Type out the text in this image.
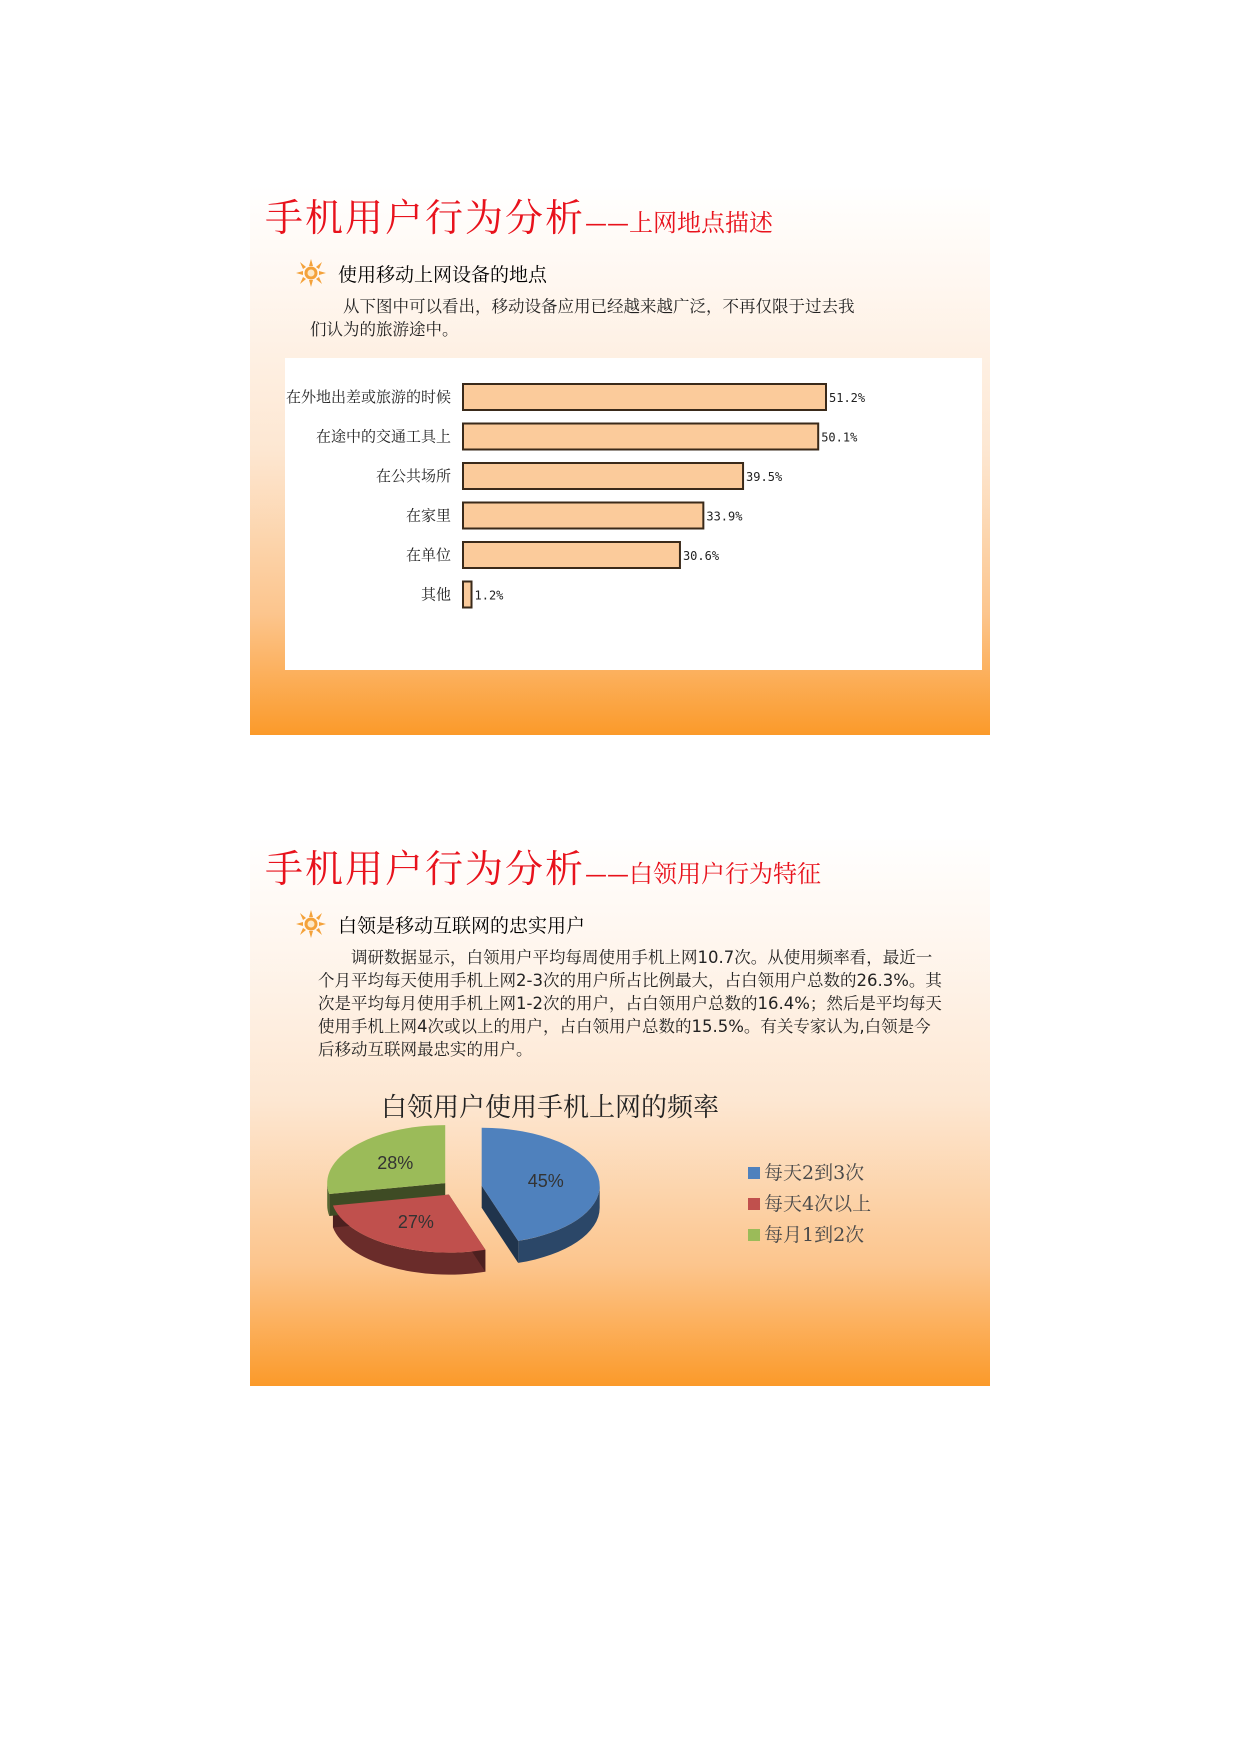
手机用户行为分析——上网地点描述
使用移动上网设备的地点
　　从下图中可以看出，移动设备应用已经越来越广泛，不再仅限于过去我们认为的旅游途中。
在外地出差或旅游的时候	51.2%
在途中的交通工具上	50.1%
在公共场所	39.5%
在家里	33.9%
在单位	30.6%
其他 1.2%
手机用户行为分析——白领用户行为特征
白领是移动互联网的忠实用户
　　调研数据显示，白领用户平均每周使用手机上网10.7次。从使用频率看，最近一个月平均每天使用手机上网2-3次的用户所占比例最大，占白领用户总数的26.3%。其次是平均每月使用手机上网1-2次的用户，占白领用户总数的16.4%；然后是平均每天使用手机上网4次或以上的用户，占白领用户总数的15.5%。有关专家认为,白领是今后移动互联网最忠实的用户。
白领用户使用手机上网的频率
45%
27%
28%	每天2到3次
每天4次以上
每月1到2次
